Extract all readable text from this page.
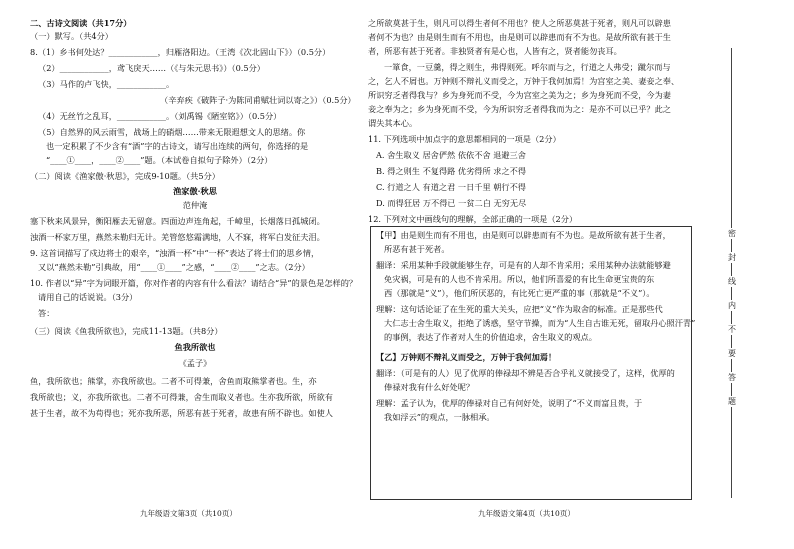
二、古诗文阅读（共17分）
（一）默写。（共4分）
8.（1）乡书何处达？____________，归雁洛阳边。（王湾《次北固山下》）（0.5分）
（2）____________，鸢飞戾天……（《与朱元思书》）（0.5分）
（3）马作的卢飞快，____________。
（辛弃疾《破阵子·为陈同甫赋壮词以寄之》）（0.5分）
（4）无丝竹之乱耳，____________。（刘禹锡《陋室铭》）（0.5分）
（5）自然界的风云雨雪，战场上的硝烟……带来无限遐想文人的思绪。你
也一定积累了不少含有“酒”字的古诗文，请写出连续的两句，你选择的是
“____①____，____②____”题。（本试卷自拟句子除外）（2分）
（二）阅读《渔家傲·秋思》，完成9-10题。（共5分）
渔家傲·秋思
范仲淹
塞下秋来风景异，衡阳雁去无留意。四面边声连角起，千嶂里，长烟落日孤城闭。
浊酒一杯家万里，燕然未勒归无计。羌管悠悠霜满地，人不寐，将军白发征夫泪。
9. 这首词描写了戍边将士的艰辛，“浊酒一杯”中“一杯”表达了将士们的思乡情，
又以“燕然未勒”引典故，用“____①____”之感，“____②____”之志。（2分）
10. 作者以“异”字为词眼开篇，你对作者的内容有什么看法？请结合“异”的景色是怎样的？
请用自己的话说说。（3分）
答：
（三）阅读《鱼我所欲也》，完成11-13题。（共8分）
鱼我所欲也
《孟子》
鱼，我所欲也；熊掌，亦我所欲也。二者不可得兼，舍鱼而取熊掌者也。生，亦
我所欲也；义，亦我所欲也。二者不可得兼，舍生而取义者也。生亦我所欲，所欲有
甚于生者，故不为苟得也；死亦我所恶，所恶有甚于死者，故患有所不辟也。如使人
九年级语文第3页（共10页）
之所欲莫甚于生，则凡可以得生者何不用也？使人之所恶莫甚于死者，则凡可以辟患
者何不为也？由是则生而有不用也，由是则可以辟患而有不为也。是故所欲有甚于生
者，所恶有甚于死者。非独贤者有是心也，人皆有之，贤者能勿丧耳。
一箪食，一豆羹，得之则生，弗得则死。呼尔而与之，行道之人弗受；蹴尔而与
之，乞人不屑也。万钟则不辩礼义而受之，万钟于我何加焉！为宫室之美、妻妾之奉、
所识穷乏者得我与？乡为身死而不受，今为宫室之美为之；乡为身死而不受，今为妻
妾之奉为之；乡为身死而不受，今为所识穷乏者得我而为之：是亦不可以已乎？此之
谓失其本心。
11. 下列选项中加点字的意思都相同的一项是（2分）
A. 舍生取义 居舍俨然 依依不舍 退避三舍
B. 得之则生 不复得路 优劣得所 求之不得
C. 行道之人 有道之君 一日千里 朝行不得
D. 而得狂居 万不得已 一贫二白 无穷无尽
12. 下列对文中画线句的理解，全部正确的一项是（2分）
【甲】由是则生而有不用也，由是则可以辟患而有不为也。是故所欲有甚于生者，
所恶有甚于死者。
翻译：采用某种手段就能够生存，可是有的人却不肯采用；采用某种办法就能够避
免灾祸，可是有的人也不肯采用。所以，他们所喜爱的有比生命更宝贵的东
西（那就是“义”），他们所厌恶的，有比死亡更严重的事（那就是“不义”）。
理解：这句话论证了在生死的重大关头，应把“义”作为取舍的标准。正是那些代
大仁志士舍生取义，拒绝了诱惑，坚守节操，而为“人生自古谁无死，留取丹心照汗青”
的事例，表达了作者对人生的价值追求，舍生取义的观点。
【乙】万钟则不辩礼义而受之，万钟于我何加焉！
翻译：（可是有的人）见了优厚的俸禄却不辨是否合乎礼义就接受了，这样，优厚的
俸禄对我有什么好处呢？
理解：孟子认为，优厚的俸禄对自己有何好处，说明了“不义而富且贵，于
我如浮云”的观点，一脉相承。
九年级语文第4页（共10页）
密
封
线
内
不
要
答
题
